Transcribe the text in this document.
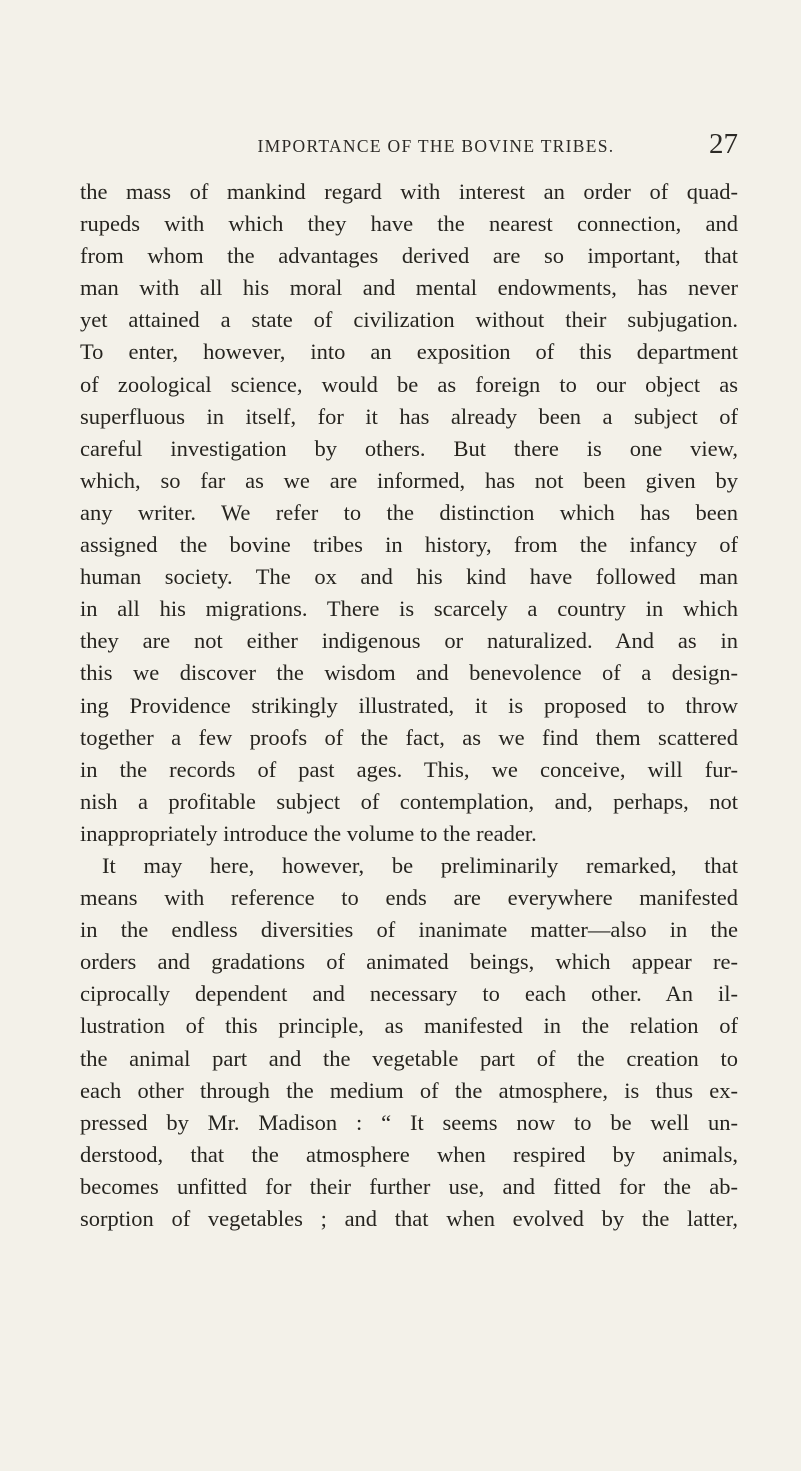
IMPORTANCE OF THE BOVINE TRIBES.	27
the mass of mankind regard with interest an order of quad-
rupeds with which they have the nearest connection, and
from whom the advantages derived are so important, that
man with all his moral and mental endowments, has never
yet attained a state of civilization without their subjugation.
To enter, however, into an exposition of this department
of zoological science, would be as foreign to our object as
superfluous in itself, for it has already been a subject of
careful investigation by others. But there is one view,
which, so far as we are informed, has not been given by
any writer. We refer to the distinction which has been
assigned the bovine tribes in history, from the infancy of
human society. The ox and his kind have followed man
in all his migrations. There is scarcely a country in which
they are not either indigenous or naturalized. And as in
this we discover the wisdom and benevolence of a design-
ing Providence strikingly illustrated, it is proposed to throw
together a few proofs of the fact, as we find them scattered
in the records of past ages. This, we conceive, will fur-
nish a profitable subject of contemplation, and, perhaps, not
inappropriately introduce the volume to the reader.
It may here, however, be preliminarily remarked, that
means with reference to ends are everywhere manifested
in the endless diversities of inanimate matter—also in the
orders and gradations of animated beings, which appear re-
ciprocally dependent and necessary to each other. An il-
lustration of this principle, as manifested in the relation of
the animal part and the vegetable part of the creation to
each other through the medium of the atmosphere, is thus ex-
pressed by Mr. Madison : “ It seems now to be well un-
derstood, that the atmosphere when respired by animals,
becomes unfitted for their further use, and fitted for the ab-
sorption of vegetables ; and that when evolved by the latter,
